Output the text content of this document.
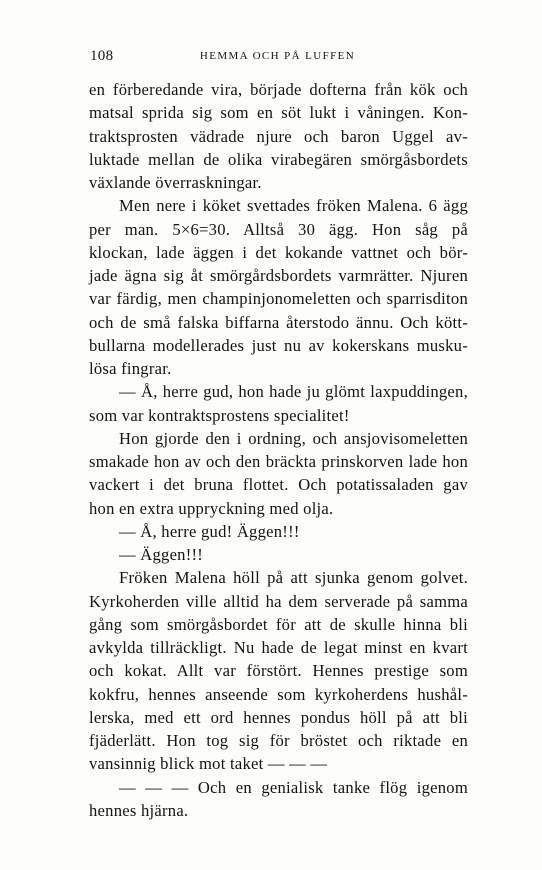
108	HEMMA OCH PÅ LUFFEN

en förberedande vira, började dofterna från kök och
matsal sprida sig som en söt lukt i våningen. Kon-
traktsprosten vädrade njure och baron Uggel av-
luktade mellan de olika virabegären smörgåsbordets
växlande överraskningar.

Men nere i köket svettades fröken Malena. 6 ägg
per man. 5×6=30. Alltså 30 ägg. Hon såg på
klockan, lade äggen i det kokande vattnet och bör-
jade ägna sig åt smörgårdsbordets varmrätter. Njuren
var färdig, men champinjonomeletten och sparrisditon
och de små falska biffarna återstodo ännu. Och kött-
bullarna modellerades just nu av kokerskans musku-
lösa fingrar.

— Å, herre gud, hon hade ju glömt laxpuddingen,
som var kontraktsprostens specialitet!

Hon gjorde den i ordning, och ansjovisomeletten
smakade hon av och den bräckta prinskorven lade hon
vackert i det bruna flottet. Och potatissaladen gav
hon en extra uppryckning med olja.

— Å, herre gud! Äggen!!!

— Äggen!!!

Fröken Malena höll på att sjunka genom golvet.
Kyrkoherden ville alltid ha dem serverade på samma
gång som smörgåsbordet för att de skulle hinna bli
avkylda tillräckligt. Nu hade de legat minst en kvart
och kokat. Allt var förstört. Hennes prestige som
kokfru, hennes anseende som kyrkoherdens hushål-
lerska, med ett ord hennes pondus höll på att bli
fjäderlätt. Hon tog sig för bröstet och riktade en
vansinnig blick mot taket — — —

— — — Och en genialisk tanke flög igenom
hennes hjärna.
